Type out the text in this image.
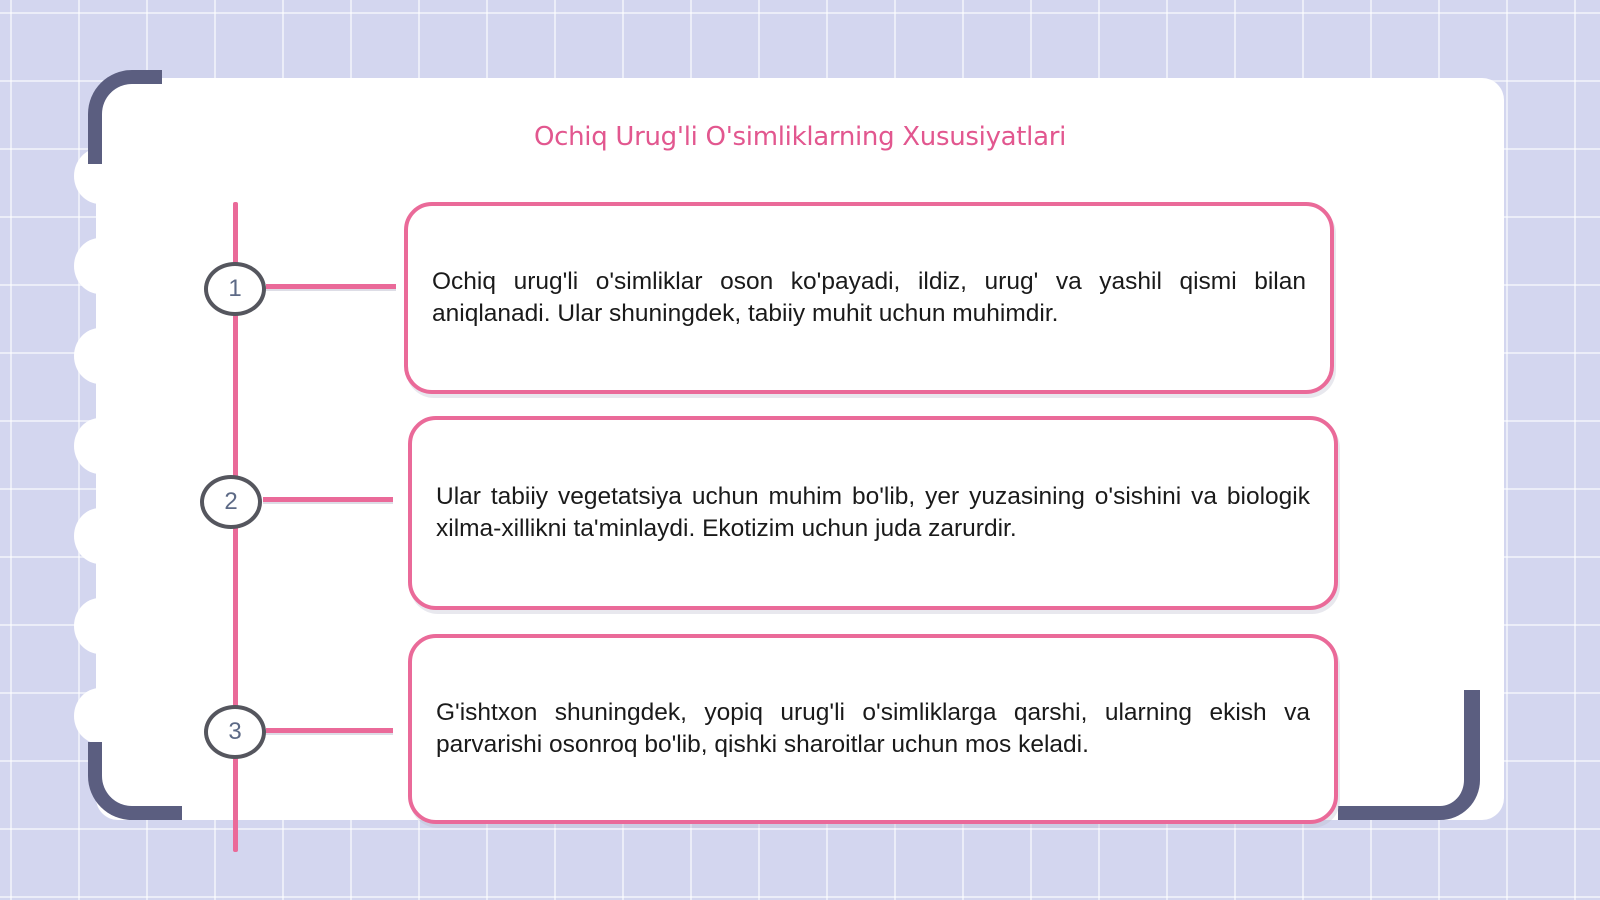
Ochiq Urug'li O'simliklarning Xususiyatlari
1	Ochiq urug'li o'simliklar oson ko'payadi, ildiz, urug' va yashil qismi bilan aniqlanadi. Ular shuningdek, tabiiy muhit uchun muhimdir.

2	Ular tabiiy vegetatsiya uchun muhim bo'lib, yer yuzasining o'sishini va biologik xilma-xillikni ta'minlaydi. Ekotizim uchun juda zarurdir.

3

G'ishtxon shuningdek, yopiq urug'li o'simliklarga qarshi, ularning ekish va parvarishi osonroq bo'lib, qishki sharoitlar uchun mos keladi.
